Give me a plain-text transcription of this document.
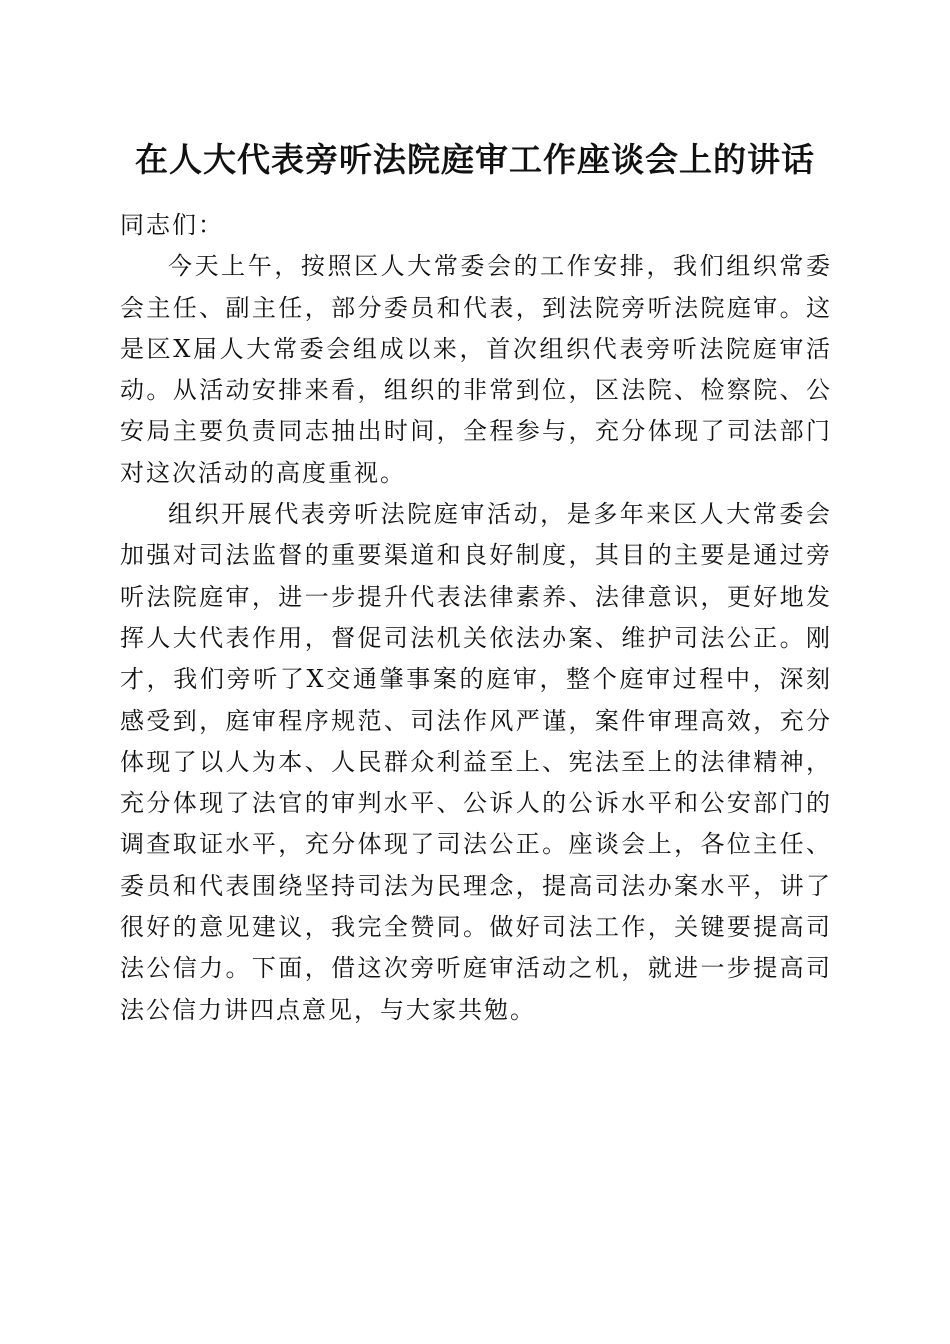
在人大代表旁听法院庭审工作座谈会上的讲话

同志们：

今天上午，按照区人大常委会的工作安排，我们组织常委会主任、副主任，部分委员和代表，到法院旁听法院庭审。这是区X届人大常委会组成以来，首次组织代表旁听法院庭审活动。从活动安排来看，组织的非常到位，区法院、检察院、公安局主要负责同志抽出时间，全程参与，充分体现了司法部门对这次活动的高度重视。

组织开展代表旁听法院庭审活动，是多年来区人大常委会加强对司法监督的重要渠道和良好制度，其目的主要是通过旁听法院庭审，进一步提升代表法律素养、法律意识，更好地发挥人大代表作用，督促司法机关依法办案、维护司法公正。刚才，我们旁听了X交通肇事案的庭审，整个庭审过程中，深刻感受到，庭审程序规范、司法作风严谨，案件审理高效，充分体现了以人为本、人民群众利益至上、宪法至上的法律精神，充分体现了法官的审判水平、公诉人的公诉水平和公安部门的调查取证水平，充分体现了司法公正。座谈会上，各位主任、委员和代表围绕坚持司法为民理念，提高司法办案水平，讲了很好的意见建议，我完全赞同。做好司法工作，关键要提高司法公信力。下面，借这次旁听庭审活动之机，就进一步提高司法公信力讲四点意见，与大家共勉。
